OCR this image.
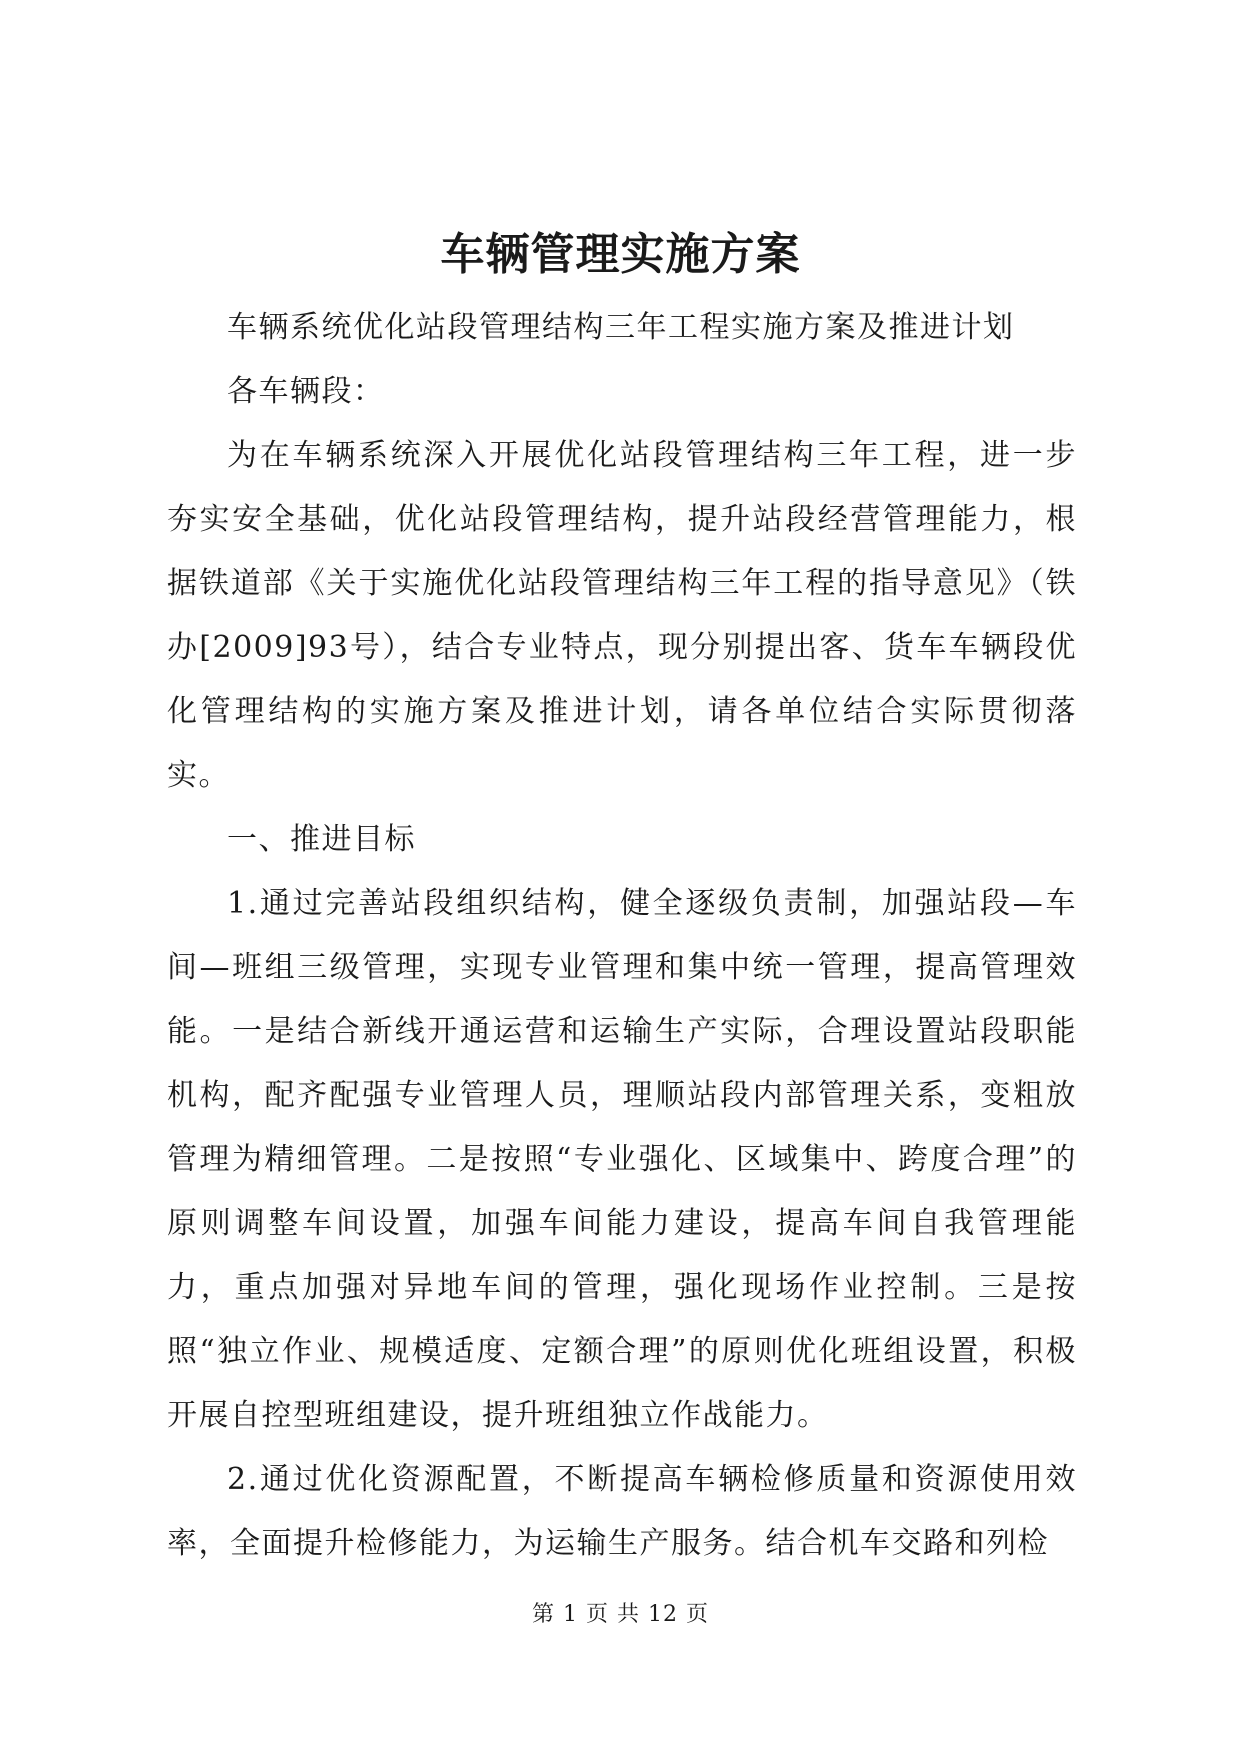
车辆管理实施方案

车辆系统优化站段管理结构三年工程实施方案及推进计划

各车辆段：

为在车辆系统深入开展优化站段管理结构三年工程，进一步夯实安全基础，优化站段管理结构，提升站段经营管理能力，根据铁道部《关于实施优化站段管理结构三年工程的指导意见》（铁办[2009]93号），结合专业特点，现分别提出客、货车车辆段优化管理结构的实施方案及推进计划，请各单位结合实际贯彻落实。

一、推进目标

1.通过完善站段组织结构，健全逐级负责制，加强站段—车间—班组三级管理，实现专业管理和集中统一管理，提高管理效能。一是结合新线开通运营和运输生产实际，合理设置站段职能机构，配齐配强专业管理人员，理顺站段内部管理关系，变粗放管理为精细管理。二是按照“专业强化、区域集中、跨度合理”的原则调整车间设置，加强车间能力建设，提高车间自我管理能力，重点加强对异地车间的管理，强化现场作业控制。三是按照“独立作业、规模适度、定额合理”的原则优化班组设置，积极开展自控型班组建设，提升班组独立作战能力。

2.通过优化资源配置，不断提高车辆检修质量和资源使用效率，全面提升检修能力，为运输生产服务。结合机车交路和列检

第 1 页 共 12 页
